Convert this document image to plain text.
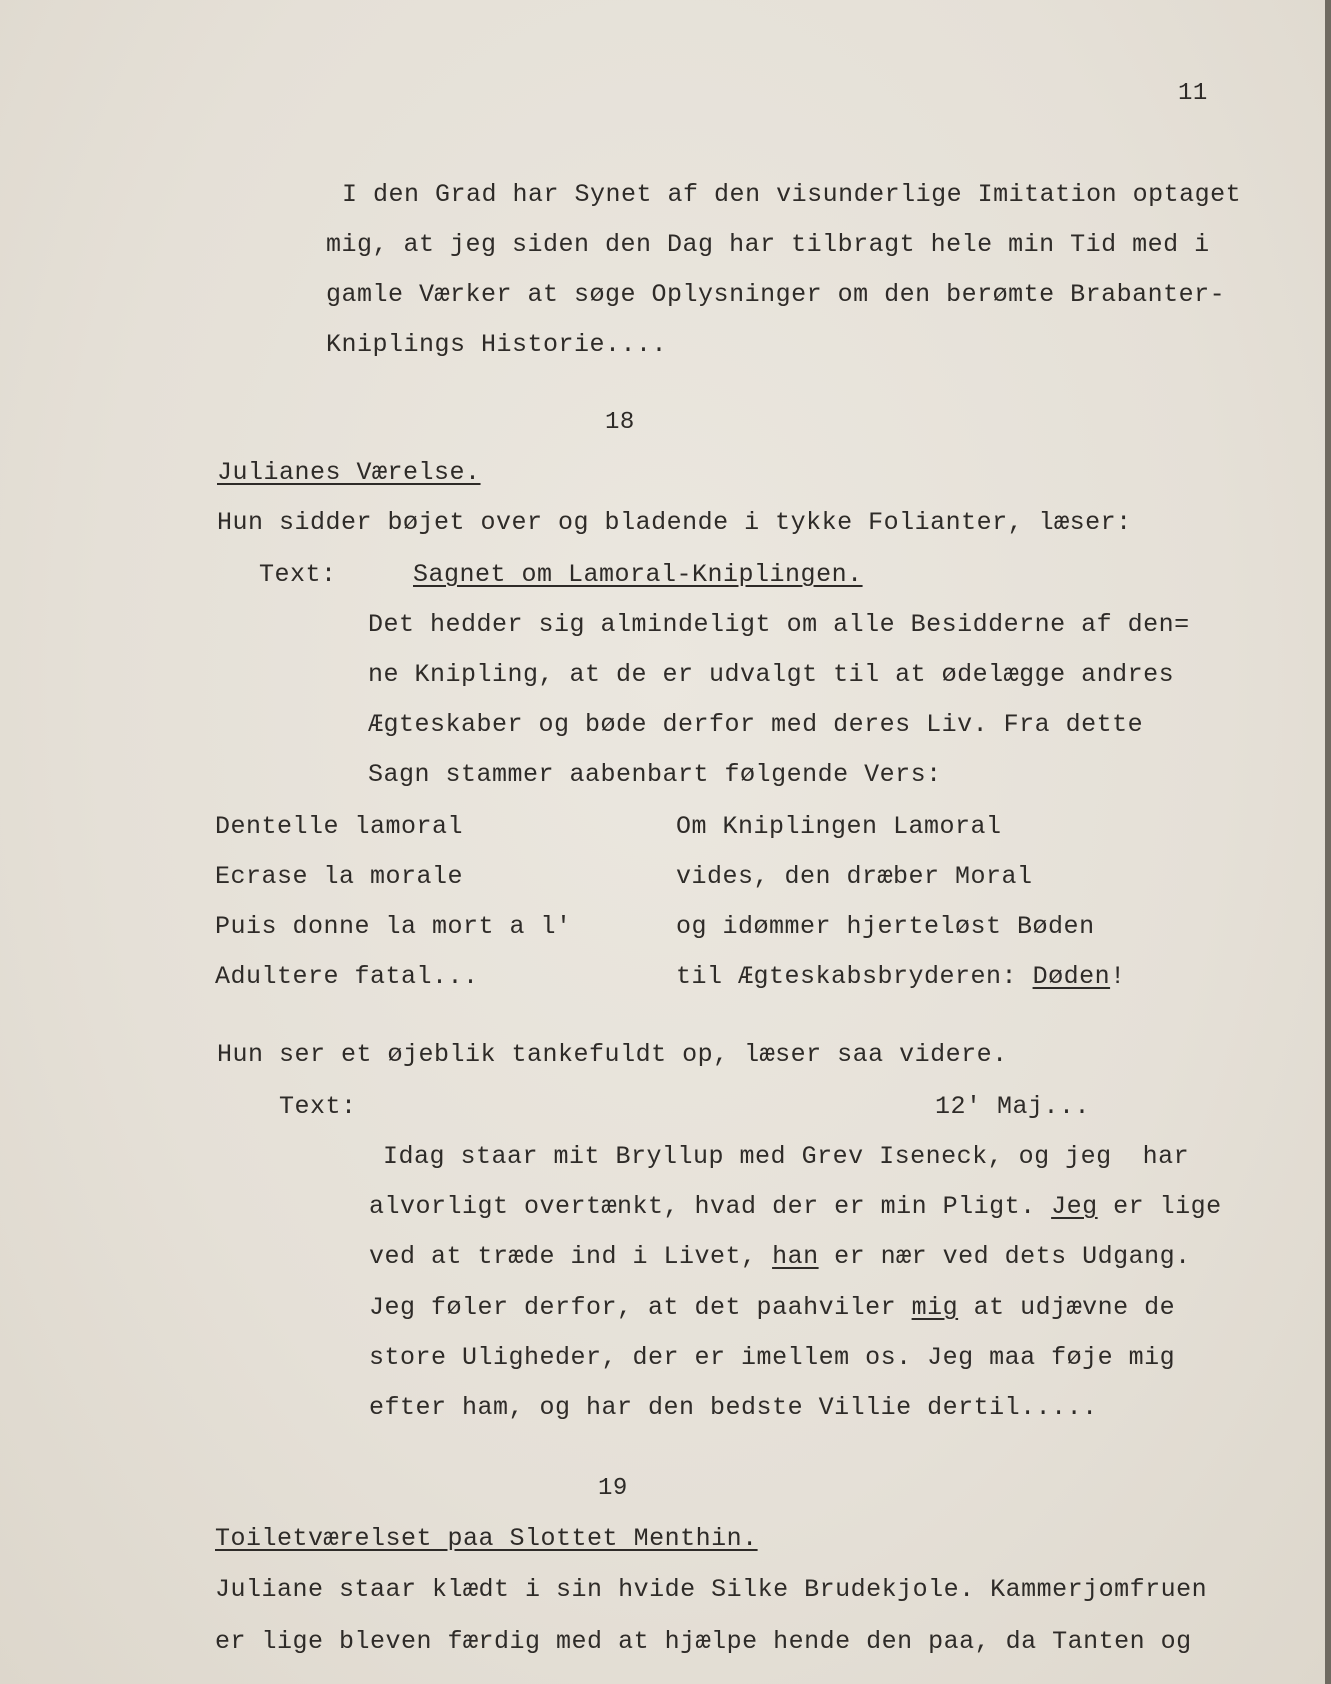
11
I den Grad har Synet af den visunderlige Imitation optaget
mig, at jeg siden den Dag har tilbragt hele min Tid med i
gamle Værker at søge Oplysninger om den berømte Brabanter-
Kniplings Historie....
18
Julianes Værelse.
Hun sidder bøjet over og bladende i tykke Folianter, læser:
Text:	Sagnet om Lamoral-Kniplingen.
Det hedder sig almindeligt om alle Besidderne af den=
ne Knipling, at de er udvalgt til at ødelægge andres
Ægteskaber og bøde derfor med deres Liv. Fra dette
Sagn stammer aabenbart følgende Vers:
Dentelle lamoral
Ecrase la morale
Puis donne la mort a l'
Adultere fatal...
Om Kniplingen Lamoral
vides, den dræber Moral
og idømmer hjerteløst Bøden
til Ægteskabsbryderen: Døden!
Hun ser et øjeblik tankefuldt op, læser saa videre.
Text:	12' Maj...
Idag staar mit Bryllup med Grev Iseneck, og jeg  har
alvorligt overtænkt, hvad der er min Pligt. Jeg er lige
ved at træde ind i Livet, han er nær ved dets Udgang.
Jeg føler derfor, at det paahviler mig at udjævne de
store Uligheder, der er imellem os. Jeg maa føje mig
efter ham, og har den bedste Villie dertil.....
19
Toiletværelset paa Slottet Menthin.
Juliane staar klædt i sin hvide Silke Brudekjole. Kammerjomfruen
er lige bleven færdig med at hjælpe hende den paa, da Tanten og
